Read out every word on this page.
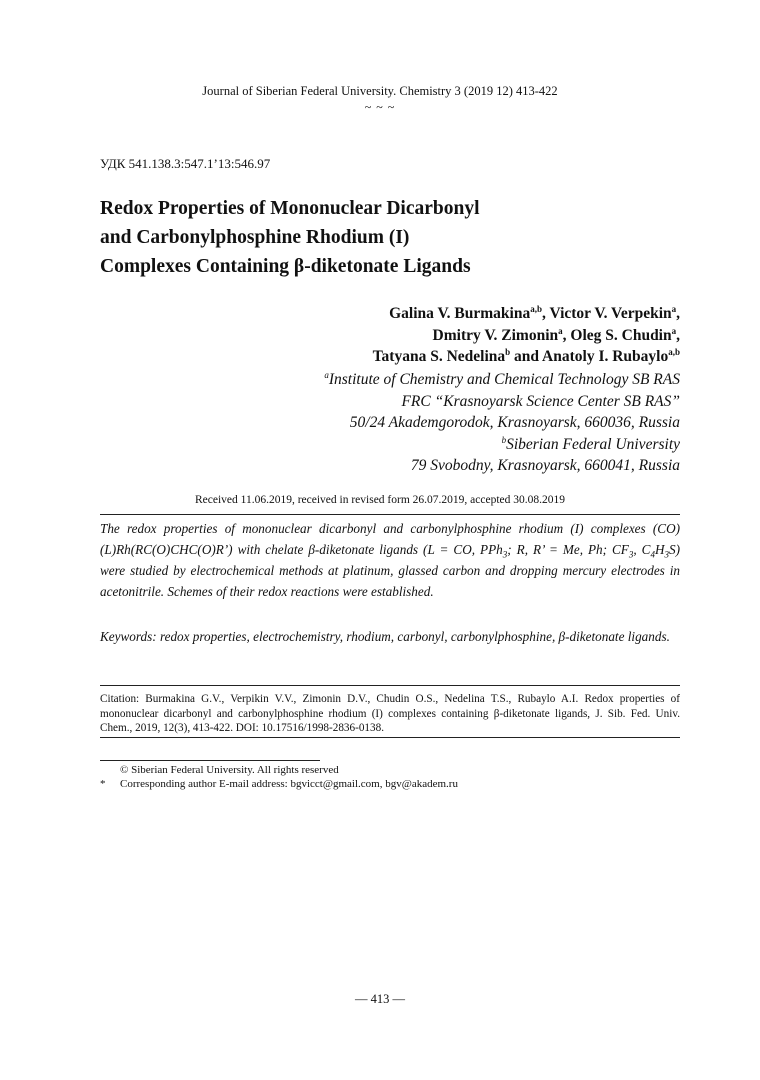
Journal of Siberian Federal University. Chemistry 3 (2019 12) 413-422
~ ~ ~
УДК 541.138.3:547.1’13:546.97
Redox Properties of Mononuclear Dicarbonyl
and Carbonylphosphine Rhodium (I)
Complexes Containing β-diketonate Ligands
Galina V. Burmakina$^{a,b}$, Victor V. Verpekin$^a$,
Dmitry V. Zimonin$^a$, Oleg S. Chudin$^a$,
Tatyana S. Nedelina$^b$ and Anatoly I. Rubaylo$^{a,b}$
$^a$Institute of Chemistry and Chemical Technology SB RAS
FRC “Krasnoyarsk Science Center SB RAS”
50/24 Akademgorodok, Krasnoyarsk, 660036, Russia
$^b$Siberian Federal University
79 Svobodny, Krasnoyarsk, 660041, Russia
Received 11.06.2019, received in revised form 26.07.2019, accepted 30.08.2019
The redox properties of mononuclear dicarbonyl and carbonylphosphine rhodium (I) complexes (CO)(L)Rh(RC(O)CHC(O)R’) with chelate β-diketonate ligands (L = CO, PPh$_3$; R, R’ = Me, Ph; $CF_3$, $C_4H_3S$) were studied by electrochemical methods at platinum, glassed carbon and dropping mercury electrodes in acetonitrile. Schemes of their redox reactions were established.
Keywords: redox properties, electrochemistry, rhodium, carbonyl, carbonylphosphine, β-diketonate ligands.
Citation: Burmakina G.V., Verpikin V.V., Zimonin D.V., Chudin O.S., Nedelina T.S., Rubaylo A.I. Redox properties of mononuclear dicarbonyl and carbonylphosphine rhodium (I) complexes containing β-diketonate ligands, J. Sib. Fed. Univ. Chem., 2019, 12(3), 413-422. DOI: 10.17516/1998-2836-0138.
© Siberian Federal University. All rights reserved
* Corresponding author E-mail address: bgvicct@gmail.com, bgv@akadem.ru
— 413 —
